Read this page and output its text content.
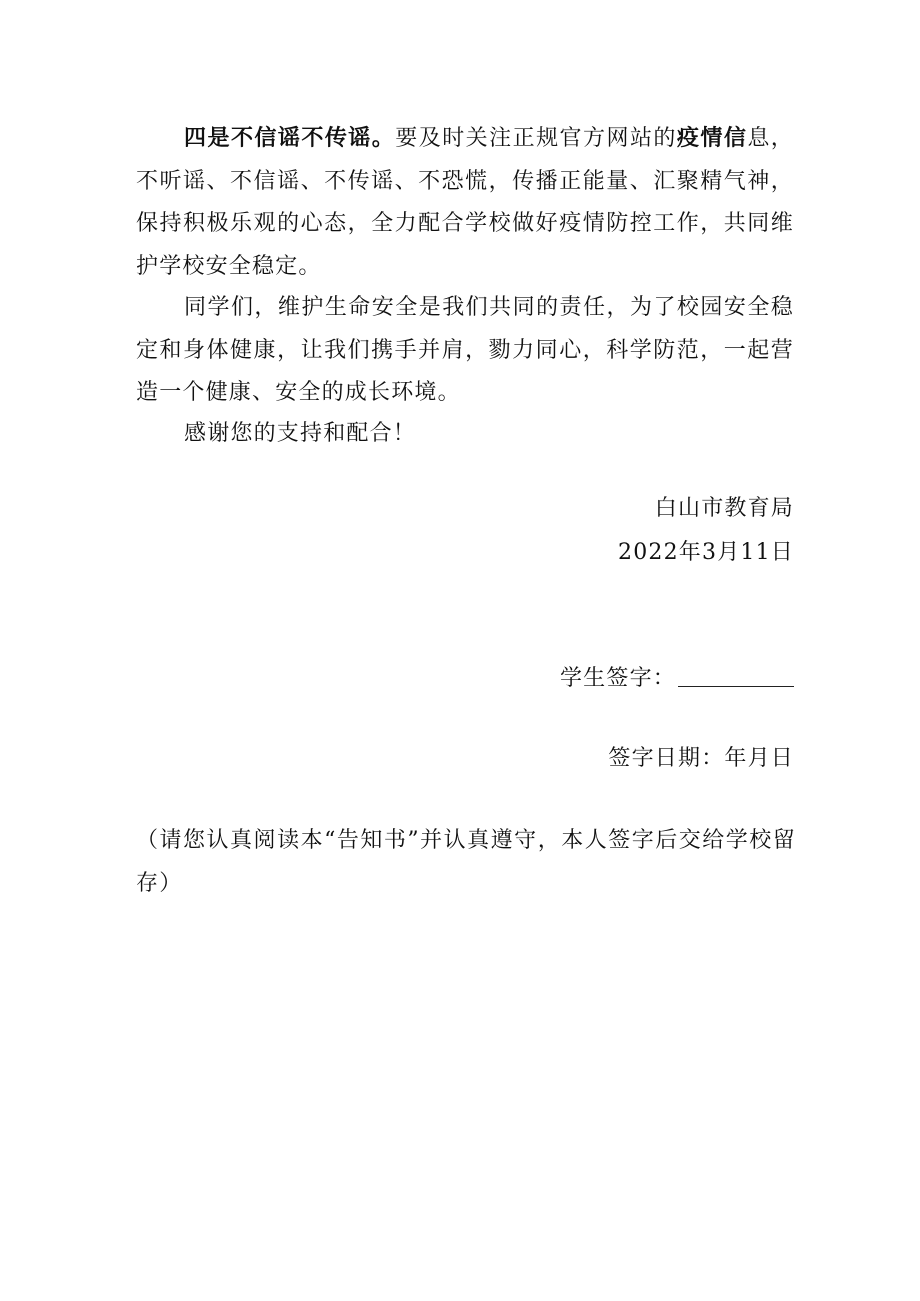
四是不信谣不传谣。要及时关注正规官方网站的疫情信息，不听谣、不信谣、不传谣、不恐慌，传播正能量、汇聚精气神，保持积极乐观的心态，全力配合学校做好疫情防控工作，共同维护学校安全稳定。

同学们，维护生命安全是我们共同的责任，为了校园安全稳定和身体健康，让我们携手并肩，勠力同心，科学防范，一起营造一个健康、安全的成长环境。

感谢您的支持和配合！

白山市教育局
2022年3月11日
学生签字：
签字日期：年月日

（请您认真阅读本“告知书”并认真遵守，本人签字后交给学校留存）
